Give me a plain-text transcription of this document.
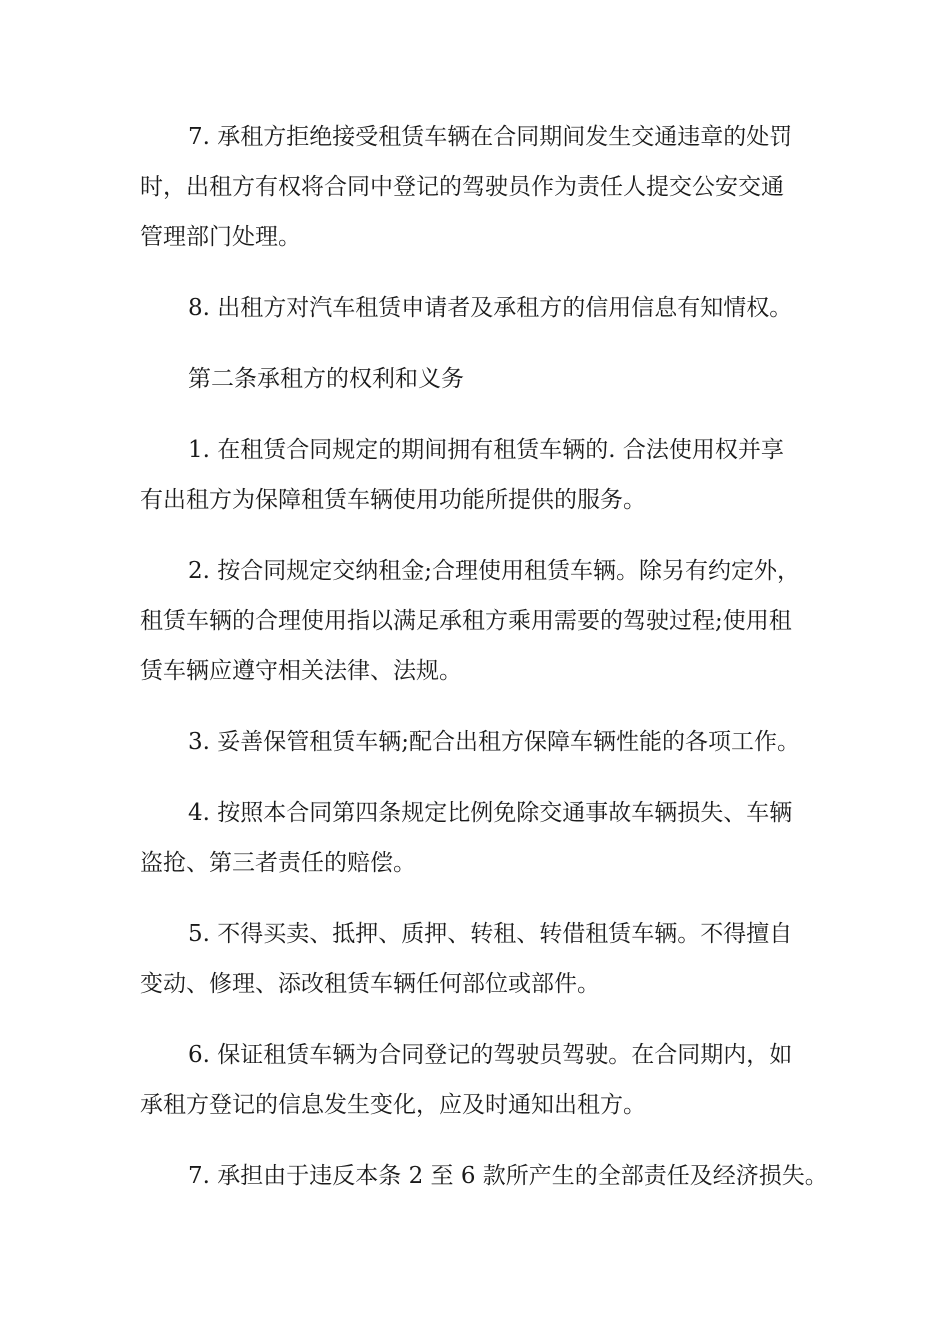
7. 承租方拒绝接受租赁车辆在合同期间发生交通违章的处罚
时，出租方有权将合同中登记的驾驶员作为责任人提交公安交通
管理部门处理。

8. 出租方对汽车租赁申请者及承租方的信用信息有知情权。

第二条承租方的权利和义务

1. 在租赁合同规定的期间拥有租赁车辆的. 合法使用权并享
有出租方为保障租赁车辆使用功能所提供的服务。

2. 按合同规定交纳租金;合理使用租赁车辆。除另有约定外，
租赁车辆的合理使用指以满足承租方乘用需要的驾驶过程;使用租
赁车辆应遵守相关法律、法规。

3. 妥善保管租赁车辆;配合出租方保障车辆性能的各项工作。

4. 按照本合同第四条规定比例免除交通事故车辆损失、车辆
盗抢、第三者责任的赔偿。

5. 不得买卖、抵押、质押、转租、转借租赁车辆。不得擅自
变动、修理、添改租赁车辆任何部位或部件。

6. 保证租赁车辆为合同登记的驾驶员驾驶。在合同期内，如
承租方登记的信息发生变化，应及时通知出租方。

7. 承担由于违反本条 2 至 6 款所产生的全部责任及经济损失。
